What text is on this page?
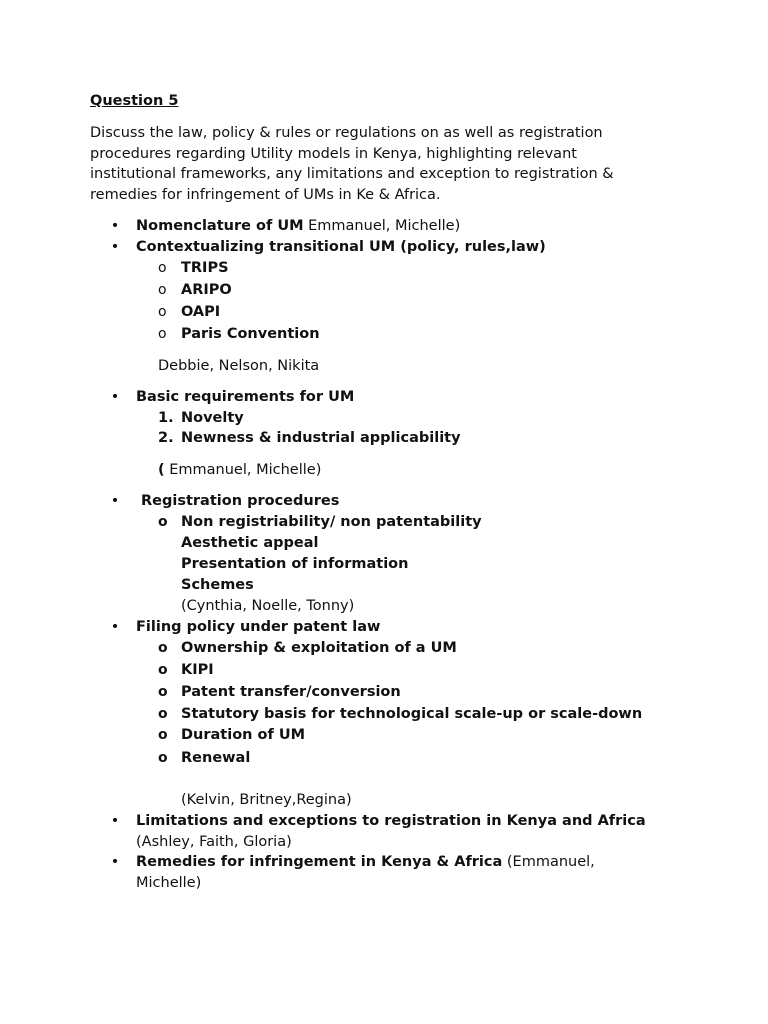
Question 5
Discuss the law, policy & rules or regulations on as well as registration
procedures regarding Utility models in Kenya, highlighting relevant
institutional frameworks, any limitations and exception to registration &
remedies for infringement of UMs in Ke & Africa.
• Nomenclature of UM Emmanuel, Michelle)
• Contextualizing transitional UM (policy, rules,law)
o TRIPS
o ARIPO
o OAPI
o Paris Convention
Debbie, Nelson, Nikita
• Basic requirements for UM
1. Novelty
2. Newness & industrial applicability
( Emmanuel, Michelle)
• Registration procedures
o Non registriability/ non patentability
Aesthetic appeal
Presentation of information
Schemes
(Cynthia, Noelle, Tonny)
• Filing policy under patent law
o Ownership & exploitation of a UM
o KIPI
o Patent transfer/conversion
o Statutory basis for technological scale-up or scale-down
o Duration of UM
o Renewal
(Kelvin, Britney,Regina)
• Limitations and exceptions to registration in Kenya and Africa
(Ashley, Faith, Gloria)
• Remedies for infringement in Kenya & Africa (Emmanuel,
Michelle)
